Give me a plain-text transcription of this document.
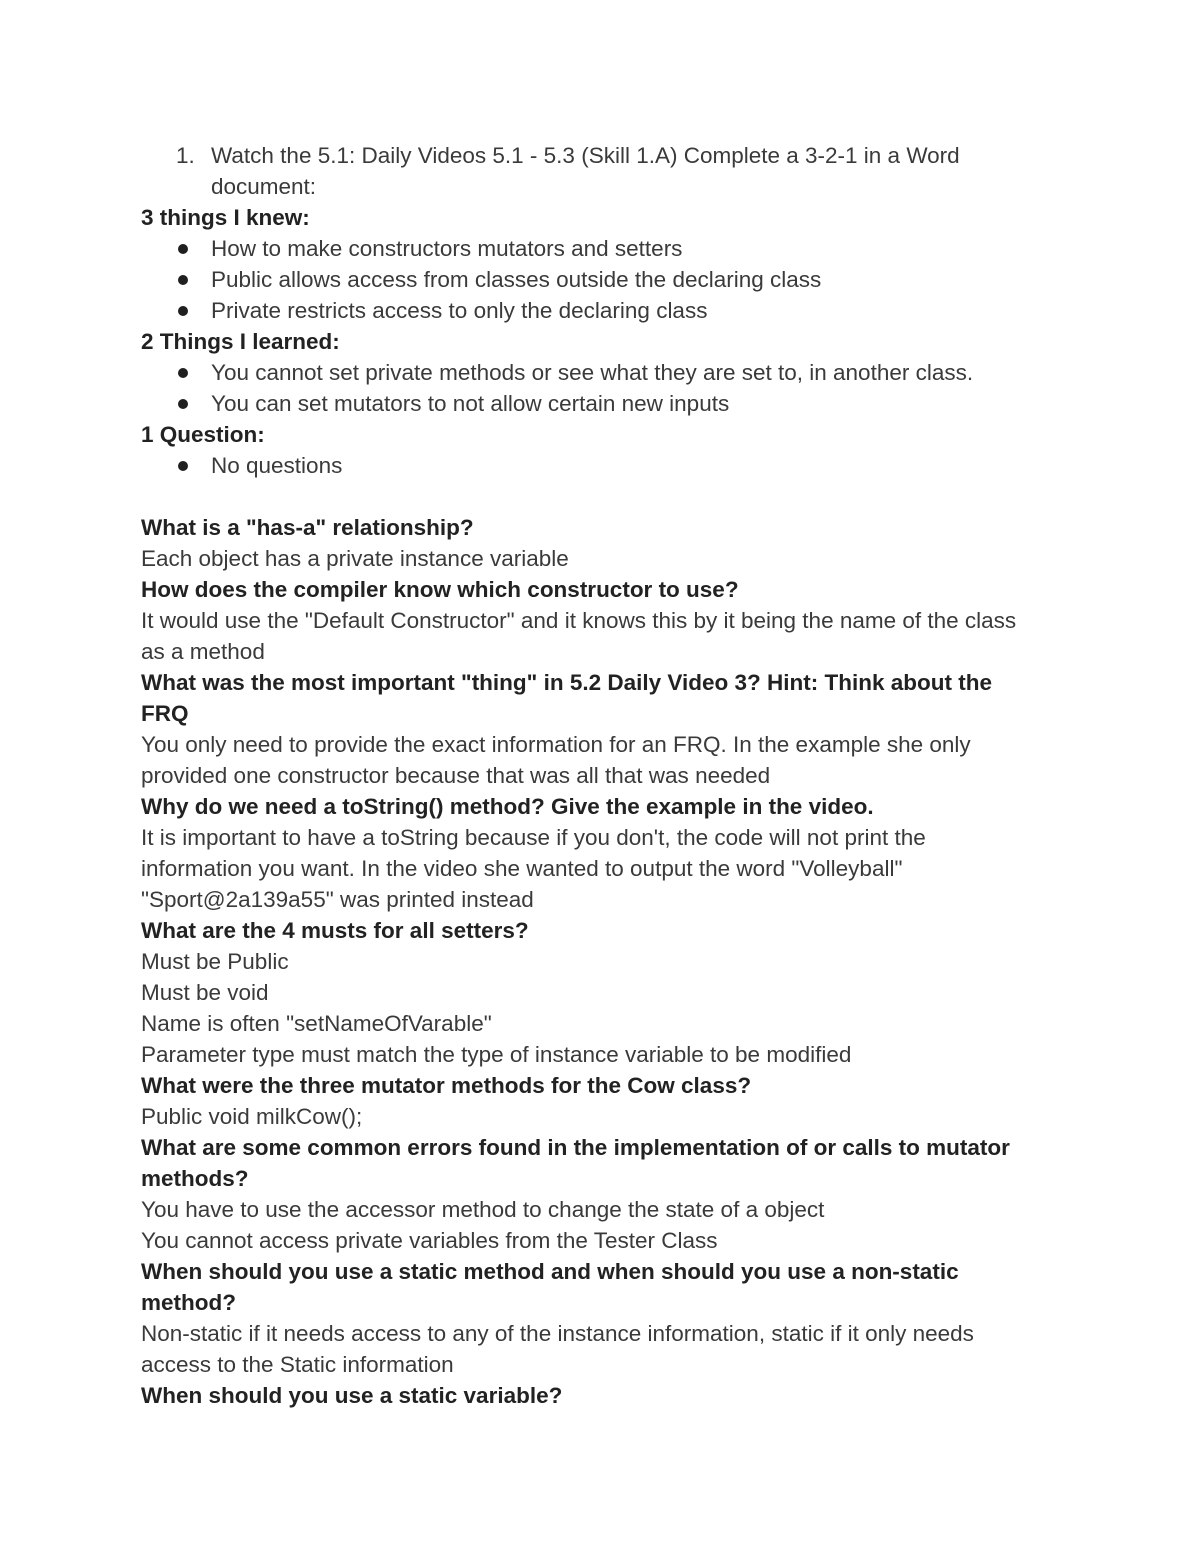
1. Watch the 5.1: Daily Videos 5.1 - 5.3 (Skill 1.A) Complete a 3-2-1 in a Word
document:
3 things I knew:
How to make constructors mutators and setters
Public allows access from classes outside the declaring class
Private restricts access to only the declaring class
2 Things I learned:
You cannot set private methods or see what they are set to, in another class.
You can set mutators to not allow certain new inputs
1 Question:
No questions
What is a "has-a" relationship?
Each object has a private instance variable
How does the compiler know which constructor to use?
It would use the "Default Constructor" and it knows this by it being the name of the class
as a method
What was the most important "thing" in 5.2 Daily Video 3? Hint: Think about the
FRQ
You only need to provide the exact information for an FRQ. In the example she only
provided one constructor because that was all that was needed
Why do we need a toString() method? Give the example in the video.
It is important to have a toString because if you don't, the code will not print the
information you want. In the video she wanted to output the word "Volleyball"
"Sport@2a139a55" was printed instead
What are the 4 musts for all setters?
Must be Public
Must be void
Name is often "setNameOfVarable"
Parameter type must match the type of instance variable to be modified
What were the three mutator methods for the Cow class?
Public void milkCow();
What are some common errors found in the implementation of or calls to mutator
methods?
You have to use the accessor method to change the state of a object
You cannot access private variables from the Tester Class
When should you use a static method and when should you use a non-static
method?
Non-static if it needs access to any of the instance information, static if it only needs
access to the Static information
When should you use a static variable?
